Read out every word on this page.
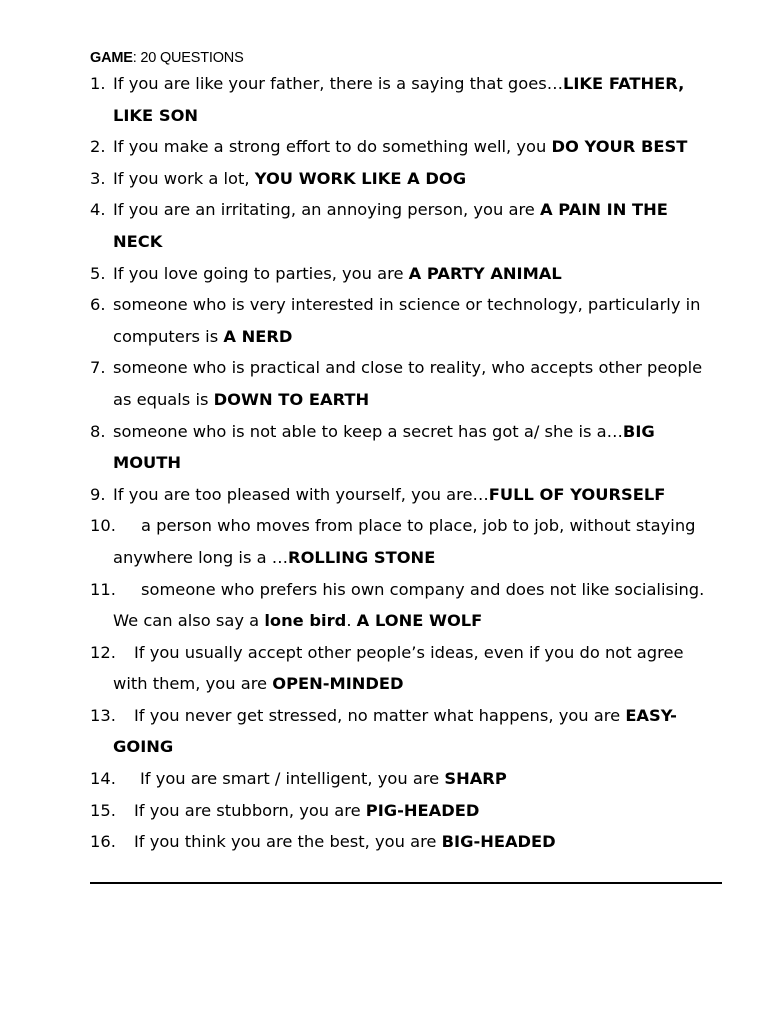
GAME: 20 QUESTIONS
1. If you are like your father, there is a saying that goes…LIKE FATHER, LIKE SON
2. If you make a strong effort to do something well, you DO YOUR BEST
3. If you work a lot, YOU WORK LIKE A DOG
4. If you are an irritating, an annoying person, you are A PAIN IN THE NECK
5. If you love going to parties, you are A PARTY ANIMAL
6. someone who is very interested in science or technology, particularly in computers is A NERD
7. someone who is practical and close to reality, who accepts other people as equals is DOWN TO EARTH
8. someone who is not able to keep a secret has got a/ she is a…BIG MOUTH
9. If you are too pleased with yourself, you are…FULL OF YOURSELF
10. a person who moves from place to place, job to job, without staying anywhere long is a …ROLLING STONE
11. someone who prefers his own company and does not like socialising. We can also say a lone bird. A LONE WOLF
12. If you usually accept other people’s ideas, even if you do not agree with them, you are OPEN-MINDED
13. If you never get stressed, no matter what happens, you are EASY-GOING
14. If you are smart / intelligent, you are SHARP
15. If you are stubborn, you are PIG-HEADED
16. If you think you are the best, you are BIG-HEADED
